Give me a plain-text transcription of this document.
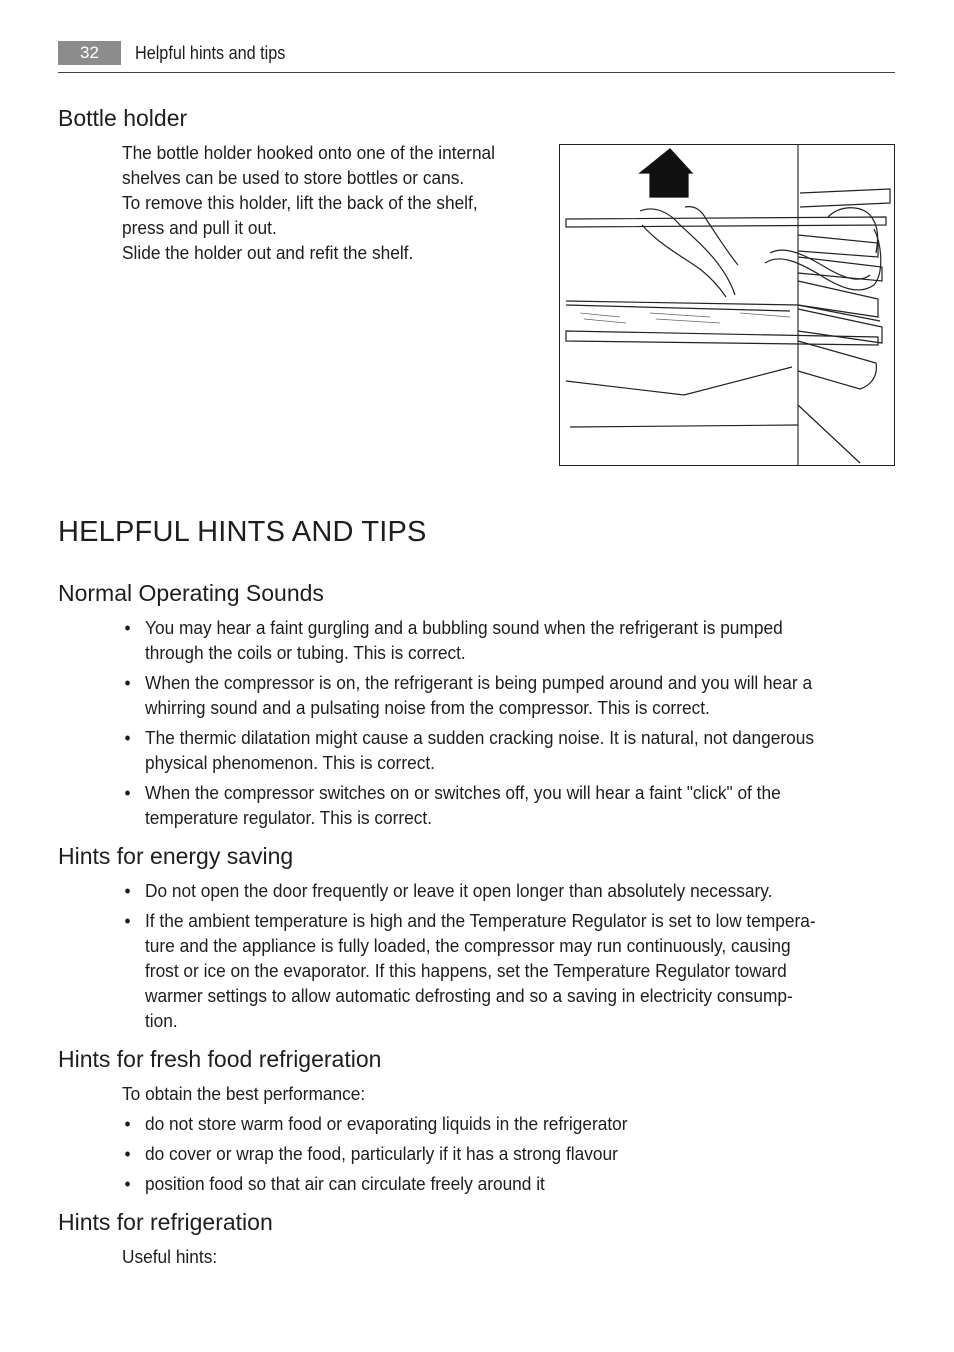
32	Helpful hints and tips
Bottle holder

The bottle holder hooked onto one of the internal

shelves can be used to store bottles or cans.

To remove this holder, lift the back of the shelf,

press and pull it out.

Slide the holder out and refit the shelf.

HELPFUL HINTS AND TIPS
Normal Operating Sounds
• You may hear a faint gurgling and a bubbling sound when the refrigerant is pumped
through the coils or tubing. This is correct.
• When the compressor is on, the refrigerant is being pumped around and you will hear a
whirring sound and a pulsating noise from the compressor. This is correct.
• The thermic dilatation might cause a sudden cracking noise. It is natural, not dangerous
physical phenomenon. This is correct.
• When the compressor switches on or switches off, you will hear a faint "click" of the
temperature regulator. This is correct.
Hints for energy saving
• Do not open the door frequently or leave it open longer than absolutely necessary.
• If the ambient temperature is high and the Temperature Regulator is set to low tempera-
ture and the appliance is fully loaded, the compressor may run continuously, causing
frost or ice on the evaporator. If this happens, set the Temperature Regulator toward
warmer settings to allow automatic defrosting and so a saving in electricity consump-
tion.
Hints for fresh food refrigeration
To obtain the best performance:
• do not store warm food or evaporating liquids in the refrigerator
• do cover or wrap the food, particularly if it has a strong flavour
• position food so that air can circulate freely around it
Hints for refrigeration
Useful hints:
